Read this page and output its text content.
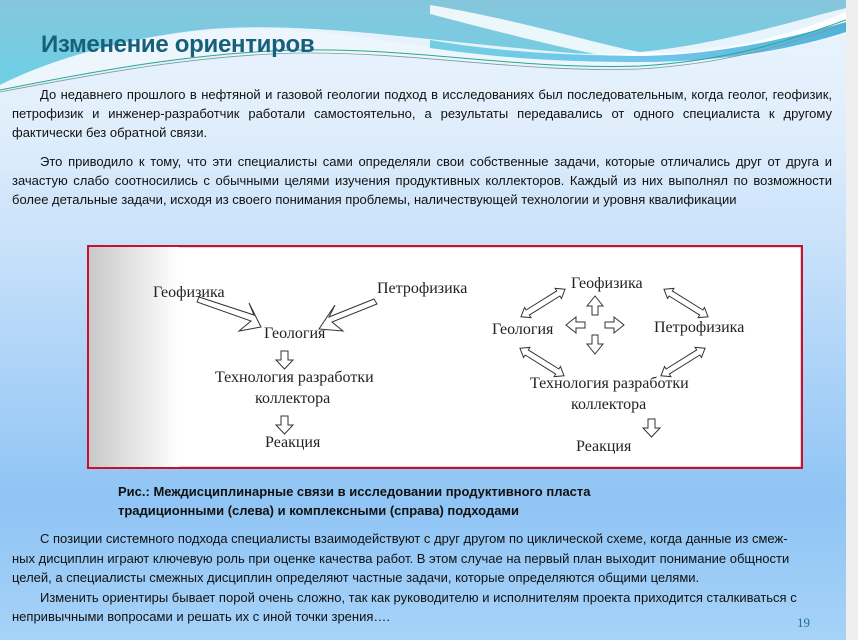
Изменение ориентиров

До недавнего прошлого в нефтяной и газовой геологии подход в исследованиях был последовательным, когда геолог, геофизик, петрофизик и инженер-разработчик работали самостоятельно, а результаты передавались от одного специалиста к другому фактически без обратной связи.

Это приводило к тому, что эти специалисты сами определяли свои собственные задачи, которые отличались друг от друга и зачастую слабо соотносились с обычными целями изучения продуктивных коллекторов. Каждый из них выполнял по возможности более детальные задачи, исходя из своего понимания проблемы, наличествующей технологии и уровня квалификации

Геофизика	Петрофизика
Геология
Технология разработки
коллектора
Реакция
Геофизика
Геология	Петрофизика
Технология разработки
коллектора
Реакция
Рис.: Междисциплинарные связи в исследовании продуктивного пласта
традиционными (слева) и комплексными (справа) подходами
С позиции системного подхода специалисты взаимодействуют с друг другом по циклической схеме, когда данные из смеж-
ных дисциплин играют ключевую роль при оценке качества работ. В этом случае на первый план выходит понимание общности
целей, а специалисты смежных дисциплин определяют частные задачи, которые определяются общими целями.
Изменить ориентиры бывает порой очень сложно, так как руководителю и исполнителям проекта приходится сталкиваться с
непривычными вопросами и решать их с иной точки зрения….	19
